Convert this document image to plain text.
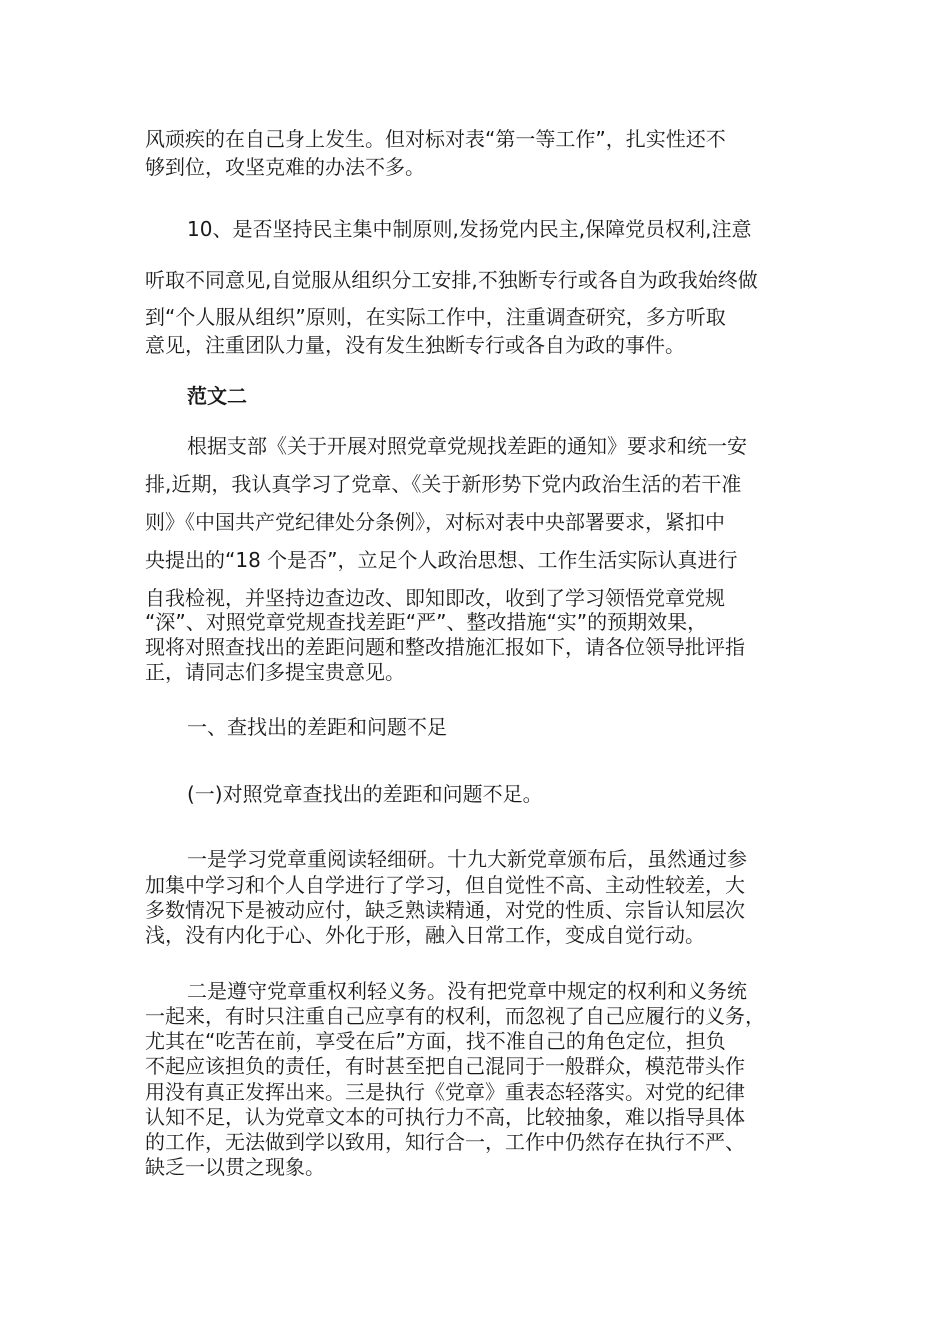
风顽疾的在自己身上发生。但对标对表“第一等工作”，扎实性还不
够到位，攻坚克难的办法不多。
10、是否坚持民主集中制原则,发扬党内民主,保障党员权利,注意
听取不同意见,自觉服从组织分工安排,不独断专行或各自为政我始终做
到“个人服从组织”原则，在实际工作中，注重调查研究，多方听取
意见，注重团队力量，没有发生独断专行或各自为政的事件。
范文二
根据支部《关于开展对照党章党规找差距的通知》要求和统一安
排,近期，我认真学习了党章、《关于新形势下党内政治生活的若干准
则》《中国共产党纪律处分条例》，对标对表中央部署要求，紧扣中
央提出的“18 个是否”，立足个人政治思想、工作生活实际认真进行
自我检视，并坚持边查边改、即知即改，收到了学习领悟党章党规
“深”、对照党章党规查找差距“严”、整改措施“实”的预期效果，
现将对照查找出的差距问题和整改措施汇报如下，请各位领导批评指
正，请同志们多提宝贵意见。
一、查找出的差距和问题不足
(一)对照党章查找出的差距和问题不足。
一是学习党章重阅读轻细研。十九大新党章颁布后，虽然通过参
加集中学习和个人自学进行了学习，但自觉性不高、主动性较差，大
多数情况下是被动应付，缺乏熟读精通，对党的性质、宗旨认知层次
浅，没有内化于心、外化于形，融入日常工作，变成自觉行动。
二是遵守党章重权利轻义务。没有把党章中规定的权利和义务统
一起来，有时只注重自己应享有的权利，而忽视了自己应履行的义务，
尤其在“吃苦在前，享受在后”方面，找不准自己的角色定位，担负
不起应该担负的责任，有时甚至把自己混同于一般群众，模范带头作
用没有真正发挥出来。三是执行《党章》重表态轻落实。对党的纪律
认知不足，认为党章文本的可执行力不高，比较抽象，难以指导具体
的工作，无法做到学以致用，知行合一，工作中仍然存在执行不严、
缺乏一以贯之现象。
